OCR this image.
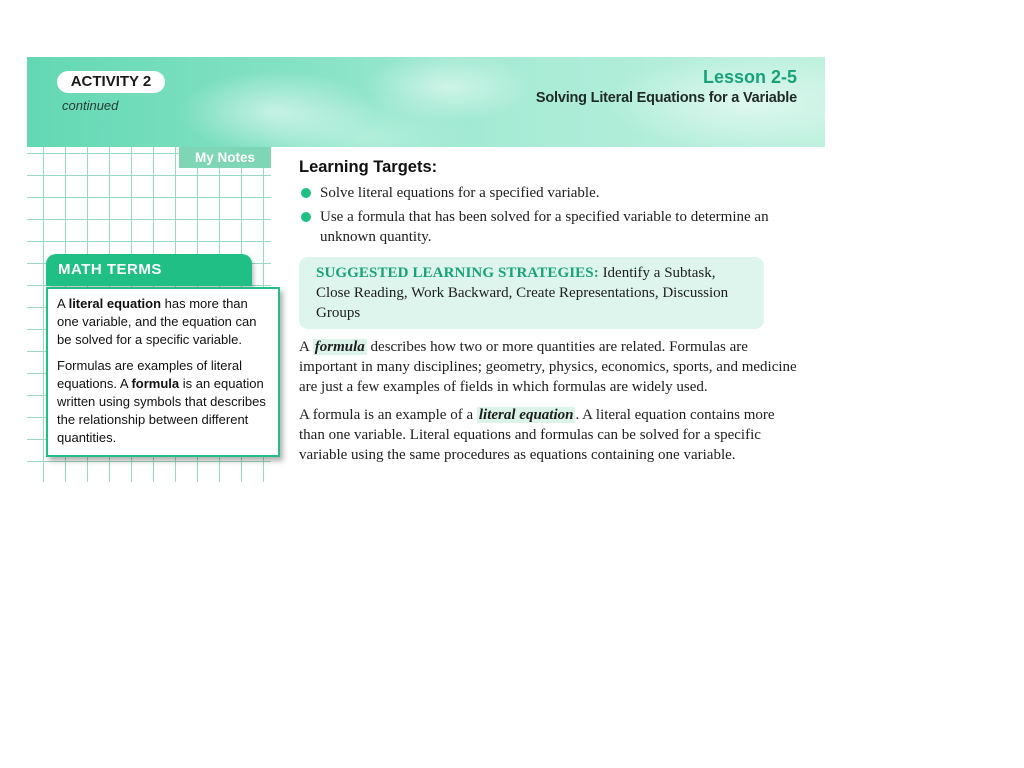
ACTIVITY 2
continued
Lesson 2-5
Solving Literal Equations for a Variable
My Notes
MATH TERMS

A literal equation has more than one variable, and the equation can be solved for a specific variable.

Formulas are examples of literal equations. A formula is an equation written using symbols that describes the relationship between different quantities.

Learning Targets:
Solve literal equations for a specified variable.
Use a formula that has been solved for a specified variable to determine an unknown quantity.
SUGGESTED LEARNING STRATEGIES: Identify a Subtask, Close Reading, Work Backward, Create Representations, Discussion Groups

A formula describes how two or more quantities are related. Formulas are important in many disciplines; geometry, physics, economics, sports, and medicine are just a few examples of fields in which formulas are widely used.

A formula is an example of a literal equation . A literal equation contains more than one variable. Literal equations and formulas can be solved for a specific variable using the same procedures as equations containing one variable.
